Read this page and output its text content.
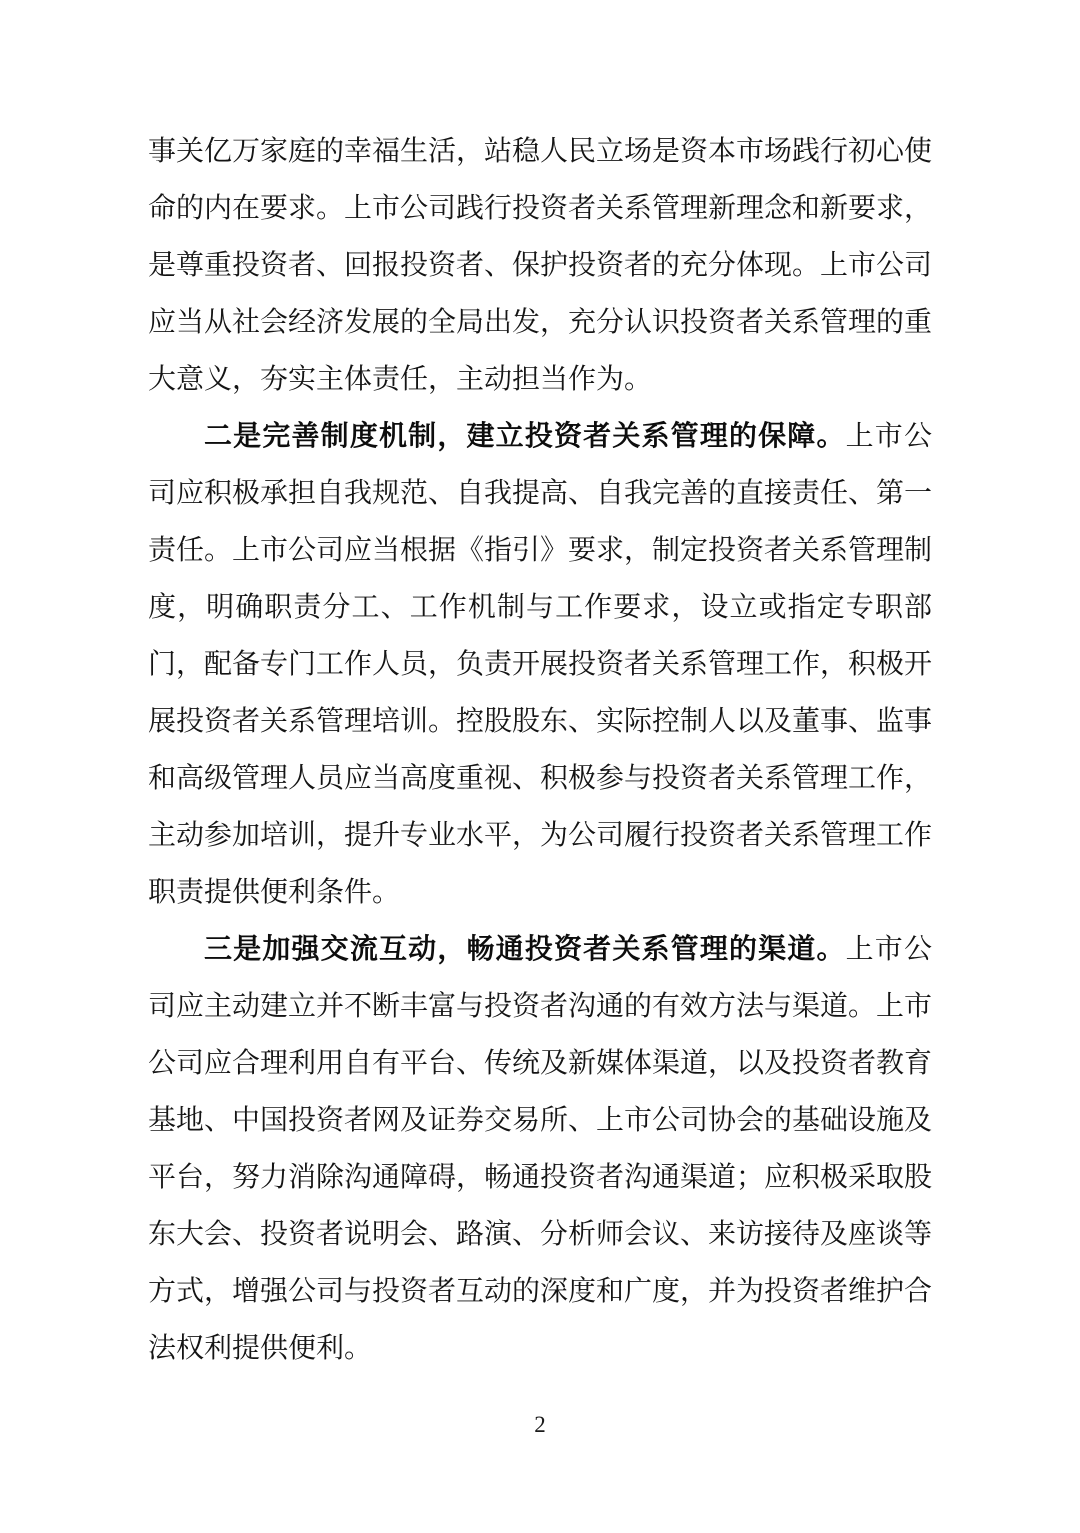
事关亿万家庭的幸福生活，站稳人民立场是资本市场践行初心使命的内在要求。上市公司践行投资者关系管理新理念和新要求，是尊重投资者、回报投资者、保护投资者的充分体现。上市公司应当从社会经济发展的全局出发，充分认识投资者关系管理的重大意义，夯实主体责任，主动担当作为。

二是完善制度机制，建立投资者关系管理的保障。上市公司应积极承担自我规范、自我提高、自我完善的直接责任、第一责任。上市公司应当根据《指引》要求，制定投资者关系管理制度，明确职责分工、工作机制与工作要求，设立或指定专职部门，配备专门工作人员，负责开展投资者关系管理工作，积极开展投资者关系管理培训。控股股东、实际控制人以及董事、监事和高级管理人员应当高度重视、积极参与投资者关系管理工作，主动参加培训，提升专业水平，为公司履行投资者关系管理工作职责提供便利条件。

三是加强交流互动，畅通投资者关系管理的渠道。上市公司应主动建立并不断丰富与投资者沟通的有效方法与渠道。上市公司应合理利用自有平台、传统及新媒体渠道，以及投资者教育基地、中国投资者网及证券交易所、上市公司协会的基础设施及平台，努力消除沟通障碍，畅通投资者沟通渠道；应积极采取股东大会、投资者说明会、路演、分析师会议、来访接待及座谈等方式，增强公司与投资者互动的深度和广度，并为投资者维护合法权利提供便利。

2
